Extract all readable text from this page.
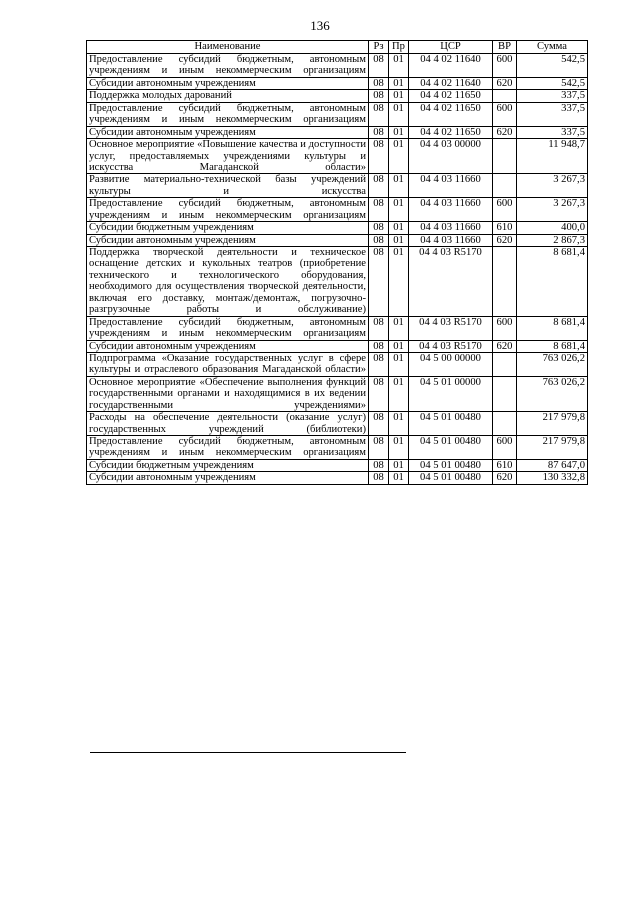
136
Наименование	Рз	Пр	ЦСР	ВР	Сумма
Предоставление субсидий бюджетным, автономным учреждениям и иным некоммерческим организациям	08	01	04 4 02 11640	600	542,5
Субсидии автономным учреждениям	08	01	04 4 02 11640	620	542,5
Поддержка молодых дарований	08	01	04 4 02 11650		337,5
Предоставление субсидий бюджетным, автономным учреждениям и иным некоммерческим организациям	08	01	04 4 02 11650	600	337,5
Субсидии автономным учреждениям	08	01	04 4 02 11650	620	337,5
Основное мероприятие «Повышение качества и доступности услуг, предоставляемых учреждениями культуры и искусства Магаданской области»	08	01	04 4 03 00000		11 948,7
Развитие материально-технической базы учреждений культуры и искусства	08	01	04 4 03 11660		3 267,3
Предоставление субсидий бюджетным, автономным учреждениям и иным некоммерческим организациям	08	01	04 4 03 11660	600	3 267,3
Субсидии бюджетным учреждениям	08	01	04 4 03 11660	610	400,0
Субсидии автономным учреждениям	08	01	04 4 03 11660	620	2 867,3
Поддержка творческой деятельности и техническое оснащение детских и кукольных театров (приобретение технического и технологического оборудования, необходимого для осуществления творческой деятельности, включая его доставку, монтаж/демонтаж, погрузочно-разгрузочные работы и обслуживание)	08	01	04 4 03 R5170		8 681,4
Предоставление субсидий бюджетным, автономным учреждениям и иным некоммерческим организациям	08	01	04 4 03 R5170	600	8 681,4
Субсидии автономным учреждениям	08	01	04 4 03 R5170	620	8 681,4
Подпрограмма «Оказание государственных услуг в сфере культуры и отраслевого образования Магаданской области»	08	01	04 5 00 00000		763 026,2
Основное мероприятие «Обеспечение выполнения функций государственными органами и находящимися в их ведении государственными учреждениями»	08	01	04 5 01 00000		763 026,2
Расходы на обеспечение деятельности (оказание услуг) государственных учреждений (библиотеки)	08	01	04 5 01 00480		217 979,8
Предоставление субсидий бюджетным, автономным учреждениям и иным некоммерческим организациям	08	01	04 5 01 00480	600	217 979,8
Субсидии бюджетным учреждениям	08	01	04 5 01 00480	610	87 647,0
Субсидии автономным учреждениям	08	01	04 5 01 00480	620	130 332,8
